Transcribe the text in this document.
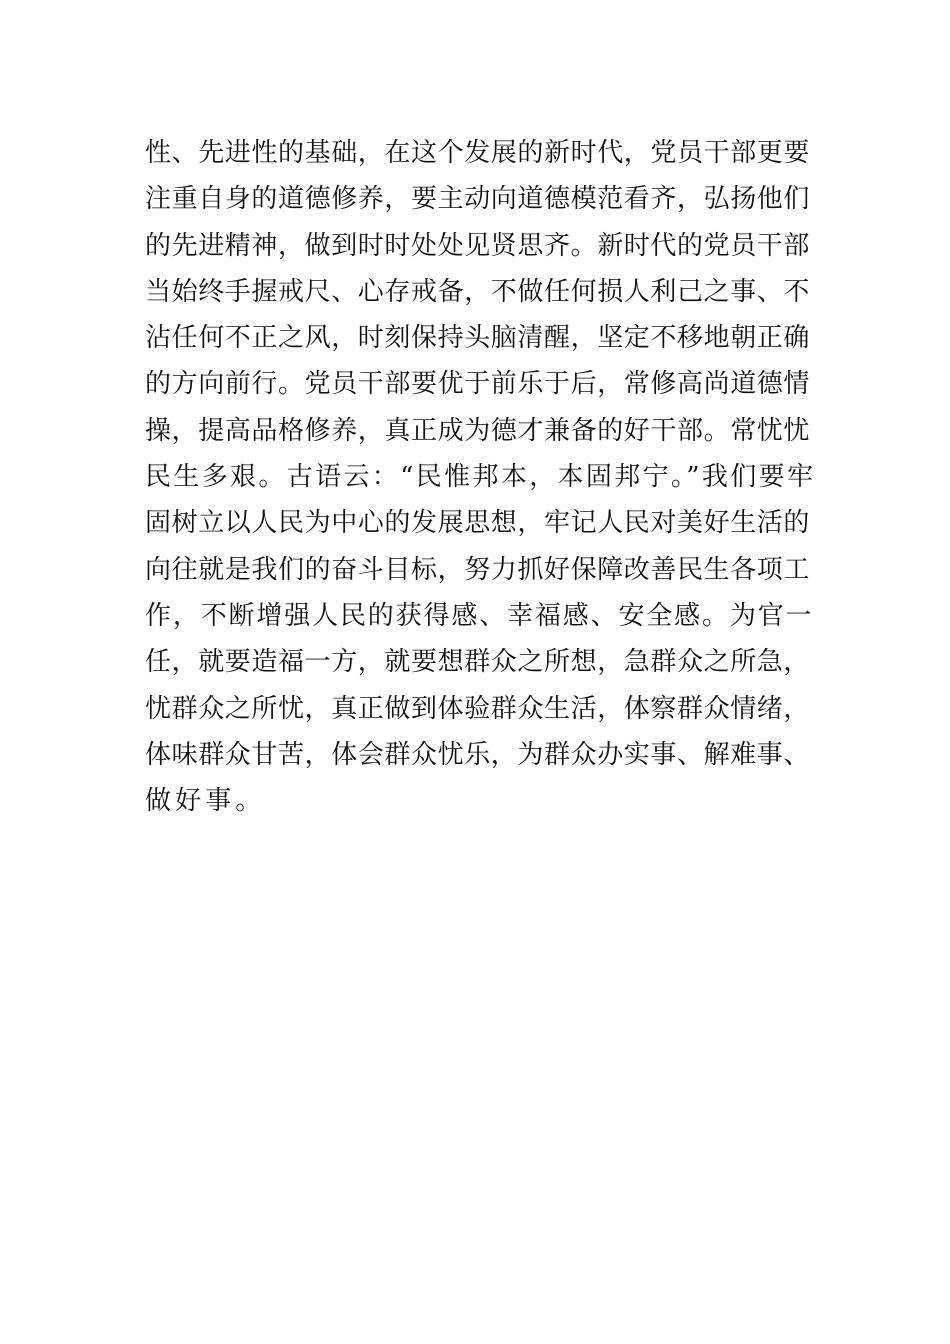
性、先进性的基础，在这个发展的新时代，党员干部更要
注重自身的道德修养，要主动向道德模范看齐，弘扬他们
的先进精神，做到时时处处见贤思齐。新时代的党员干部
当始终手握戒尺、心存戒备，不做任何损人利己之事、不
沾任何不正之风，时刻保持头脑清醒，坚定不移地朝正确
的方向前行。党员干部要优于前乐于后，常修高尚道德情
操，提高品格修养，真正成为德才兼备的好干部。常忧忧
民生多艰。古语云：“民惟邦本，本固邦宁。”我们要牢
固树立以人民为中心的发展思想，牢记人民对美好生活的
向往就是我们的奋斗目标，努力抓好保障改善民生各项工
作，不断增强人民的获得感、幸福感、安全感。为官一
任，就要造福一方，就要想群众之所想，急群众之所急，
忧群众之所忧，真正做到体验群众生活，体察群众情绪，
体味群众甘苦，体会群众忧乐，为群众办实事、解难事、
做好事。
